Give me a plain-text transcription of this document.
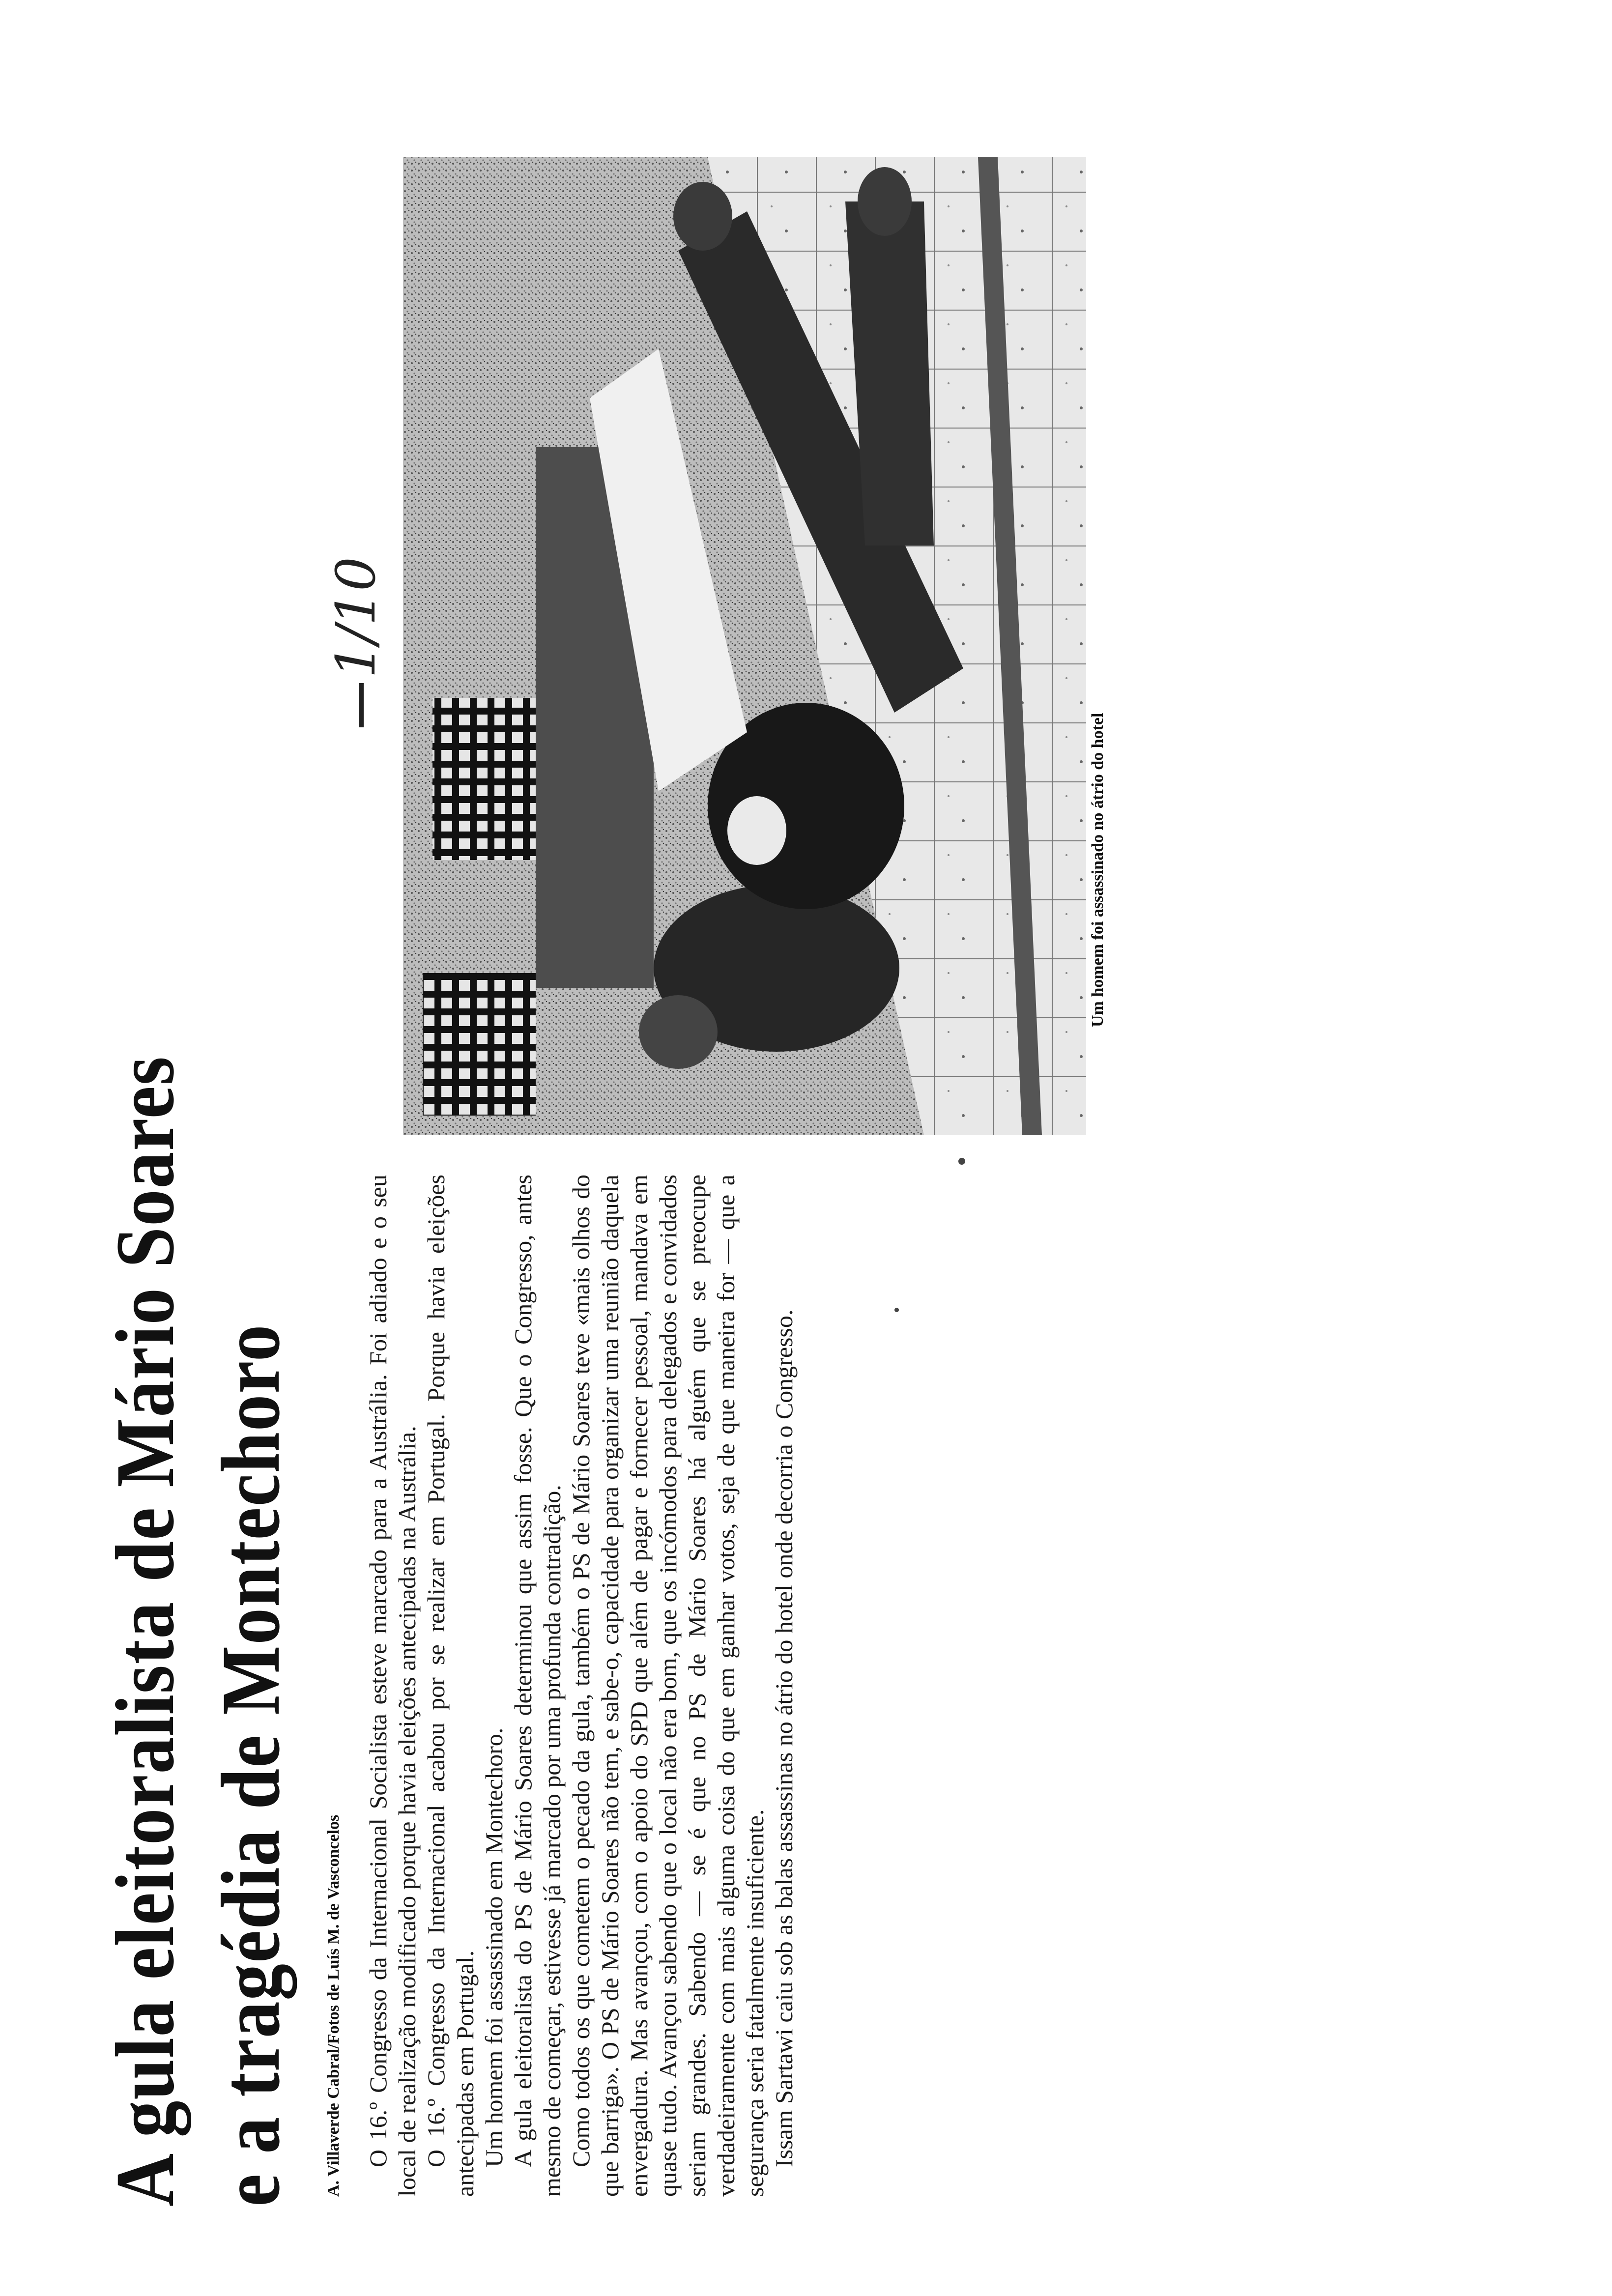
A gula eleitoralista de Mário Soares e a tragédia de Montechoro A. Villaverde Cabral/Fotos de Luís M. de Vasconcelos O 16.º Congresso da Internacional Socialista esteve marcado para a Austrália. Foi adiado e o seu local de realização modificado porque havia eleições antecipadas na Austrália. O 16.º Congresso da Internacional acabou por se realizar em Portugal. Porque havia eleições antecipadas em Portugal. Um homem foi assassinado em Montechoro. A gula eleitoralista do PS de Mário Soares determinou que assim fosse. Que o Congresso, antes mesmo de começar, estivesse já marcado por uma profunda contradição. Como todos os que cometem o pecado da gula, também o PS de Mário Soares teve «mais olhos do que barriga». O PS de Mário Soares não tem, e sabe-o, capacidade para organizar uma reunião daquela envergadura. Mas avançou, com o apoio do SPD que além de pagar e fornecer pessoal, mandava em quase tudo. Avançou sabendo que o local não era bom, que os incómodos para delegados e convidados seriam grandes. Sabendo — se é que no PS de Mário Soares há alguém que se preocupe verdadeiramente com mais alguma coisa do que em ganhar votos, seja de que maneira for — que a segurança seria fatalmente insuficiente. Issam Sartawi caiu sob as balas assassinas no átrio do hotel onde decorria o Congresso.

1/10
Um homem foi assassinado no átrio do hotel
